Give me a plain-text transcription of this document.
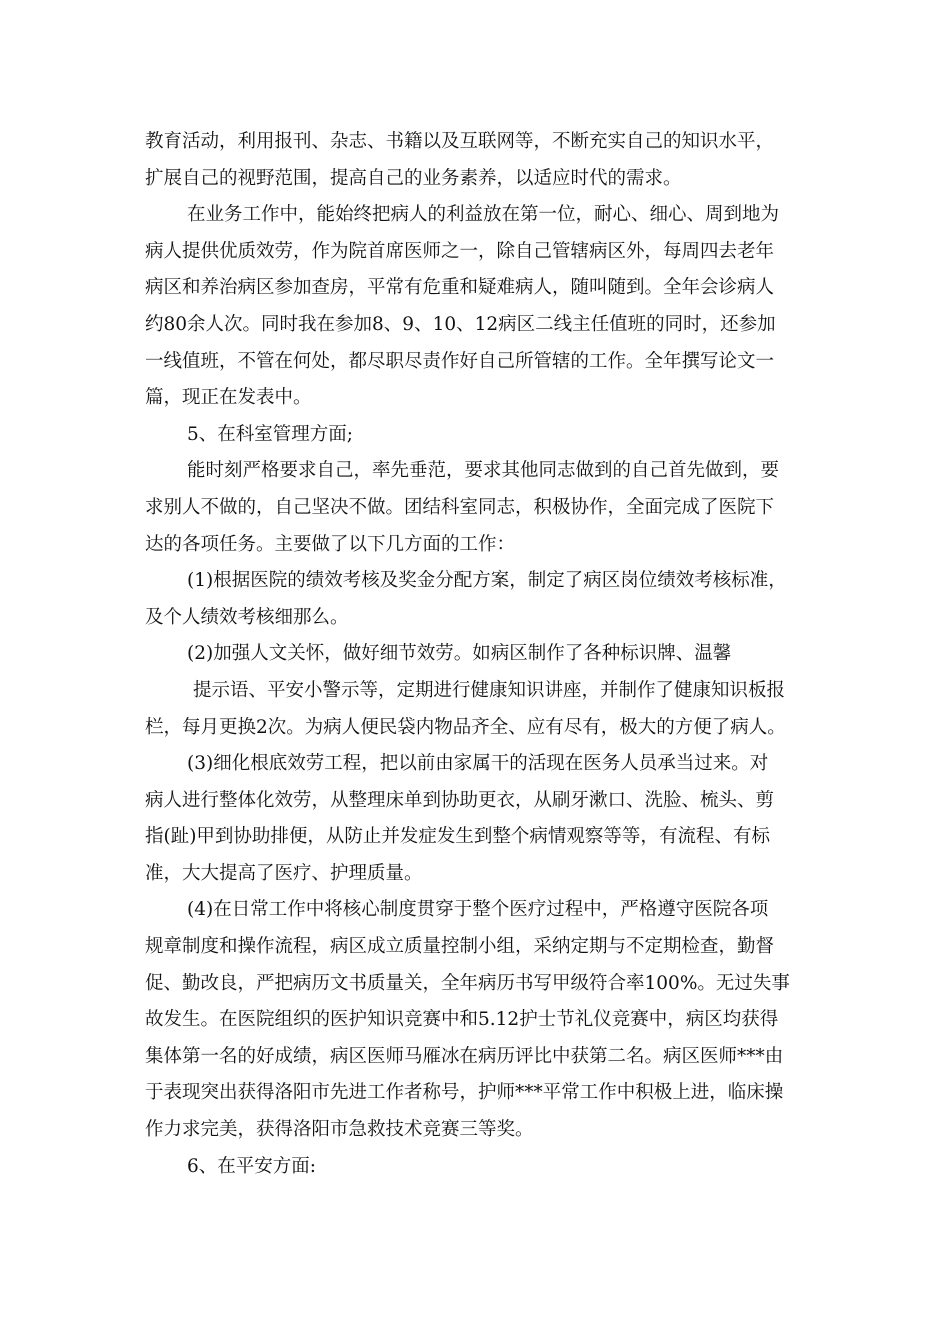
教育活动，利用报刊、杂志、书籍以及互联网等，不断充实自己的知识水平，
扩展自己的视野范围，提高自己的业务素养，以适应时代的需求。
在业务工作中，能始终把病人的利益放在第一位，耐心、细心、周到地为
病人提供优质效劳，作为院首席医师之一，除自己管辖病区外，每周四去老年
病区和养治病区参加查房，平常有危重和疑难病人，随叫随到。全年会诊病人
约80余人次。同时我在参加8、9、10、12病区二线主任值班的同时，还参加
一线值班，不管在何处，都尽职尽责作好自己所管辖的工作。全年撰写论文一
篇，现正在发表中。
5、在科室管理方面;
能时刻严格要求自己，率先垂范，要求其他同志做到的自己首先做到，要
求别人不做的，自己坚决不做。团结科室同志，积极协作，全面完成了医院下
达的各项任务。主要做了以下几方面的工作：
(1)根据医院的绩效考核及奖金分配方案，制定了病区岗位绩效考核标准，
及个人绩效考核细那么。
(2)加强人文关怀，做好细节效劳。如病区制作了各种标识牌、温馨
提示语、平安小警示等，定期进行健康知识讲座，并制作了健康知识板报
栏，每月更换2次。为病人便民袋内物品齐全、应有尽有，极大的方便了病人。
(3)细化根底效劳工程，把以前由家属干的活现在医务人员承当过来。对
病人进行整体化效劳，从整理床单到协助更衣，从刷牙漱口、洗脸、梳头、剪
指(趾)甲到协助排便，从防止并发症发生到整个病情观察等等，有流程、有标
准，大大提高了医疗、护理质量。
(4)在日常工作中将核心制度贯穿于整个医疗过程中，严格遵守医院各项
规章制度和操作流程，病区成立质量控制小组，采纳定期与不定期检查，勤督
促、勤改良，严把病历文书质量关，全年病历书写甲级符合率100%。无过失事
故发生。在医院组织的医护知识竞赛中和5.12护士节礼仪竞赛中，病区均获得
集体第一名的好成绩，病区医师马雁冰在病历评比中获第二名。病区医师***由
于表现突出获得洛阳市先进工作者称号，护师***平常工作中积极上进，临床操
作力求完美，获得洛阳市急救技术竞赛三等奖。
6、在平安方面:
